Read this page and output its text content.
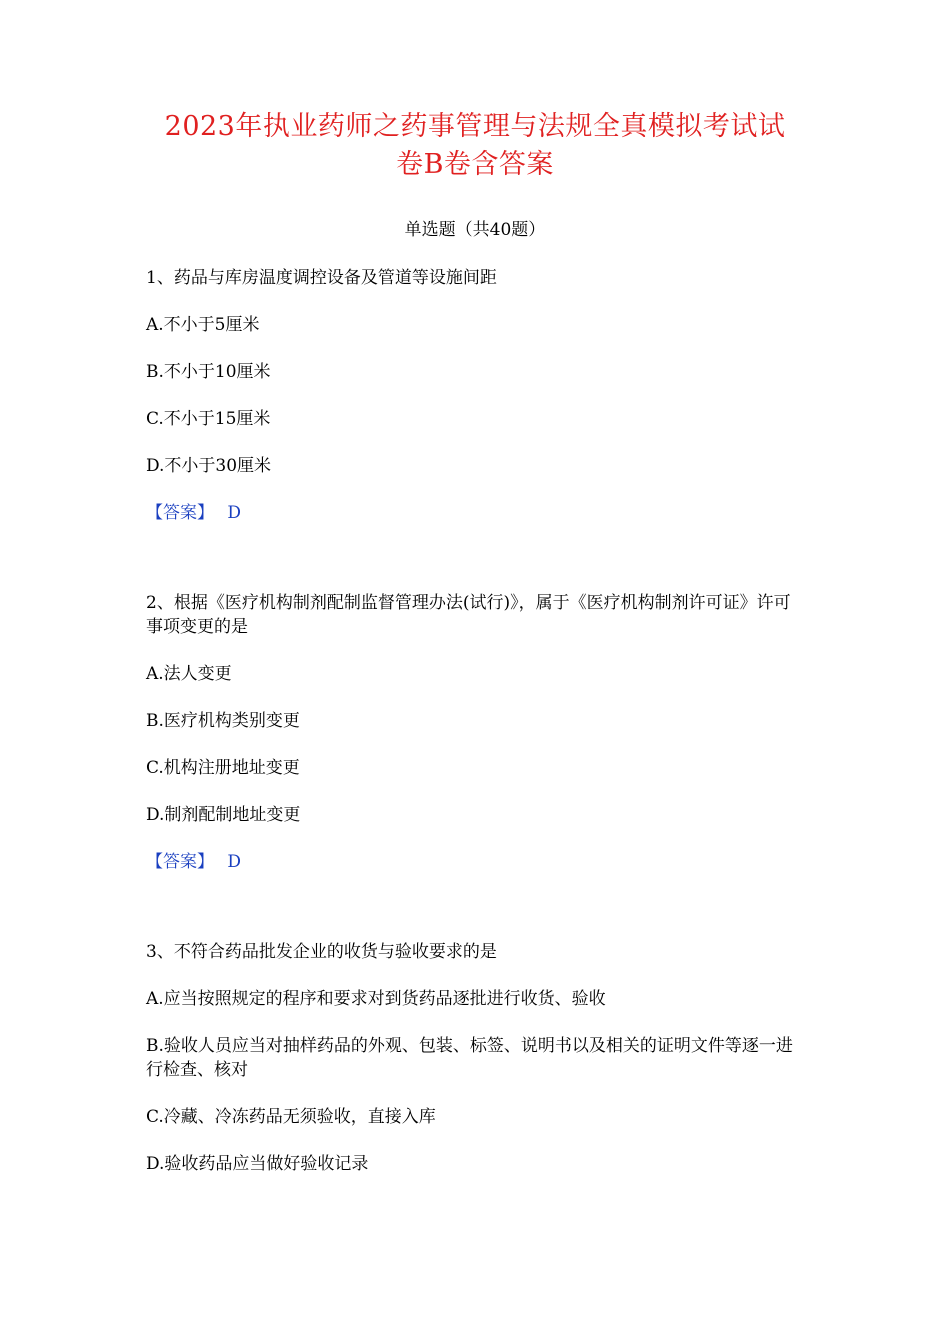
2023年执业药师之药事管理与法规全真模拟考试试
卷B卷含答案

单选题（共40题）

1、药品与库房温度调控设备及管道等设施间距

A.不小于5厘米

B.不小于10厘米

C.不小于15厘米

D.不小于30厘米

【答案】 D

2、根据《医疗机构制剂配制监督管理办法(试行)》，属于《医疗机构制剂许可证》许可事项变更的是

A.法人变更

B.医疗机构类别变更

C.机构注册地址变更

D.制剂配制地址变更

【答案】 D

3、不符合药品批发企业的收货与验收要求的是

A.应当按照规定的程序和要求对到货药品逐批进行收货、验收

B.验收人员应当对抽样药品的外观、包装、标签、说明书以及相关的证明文件等逐一进行检查、核对

C.冷藏、冷冻药品无须验收，直接入库

D.验收药品应当做好验收记录
